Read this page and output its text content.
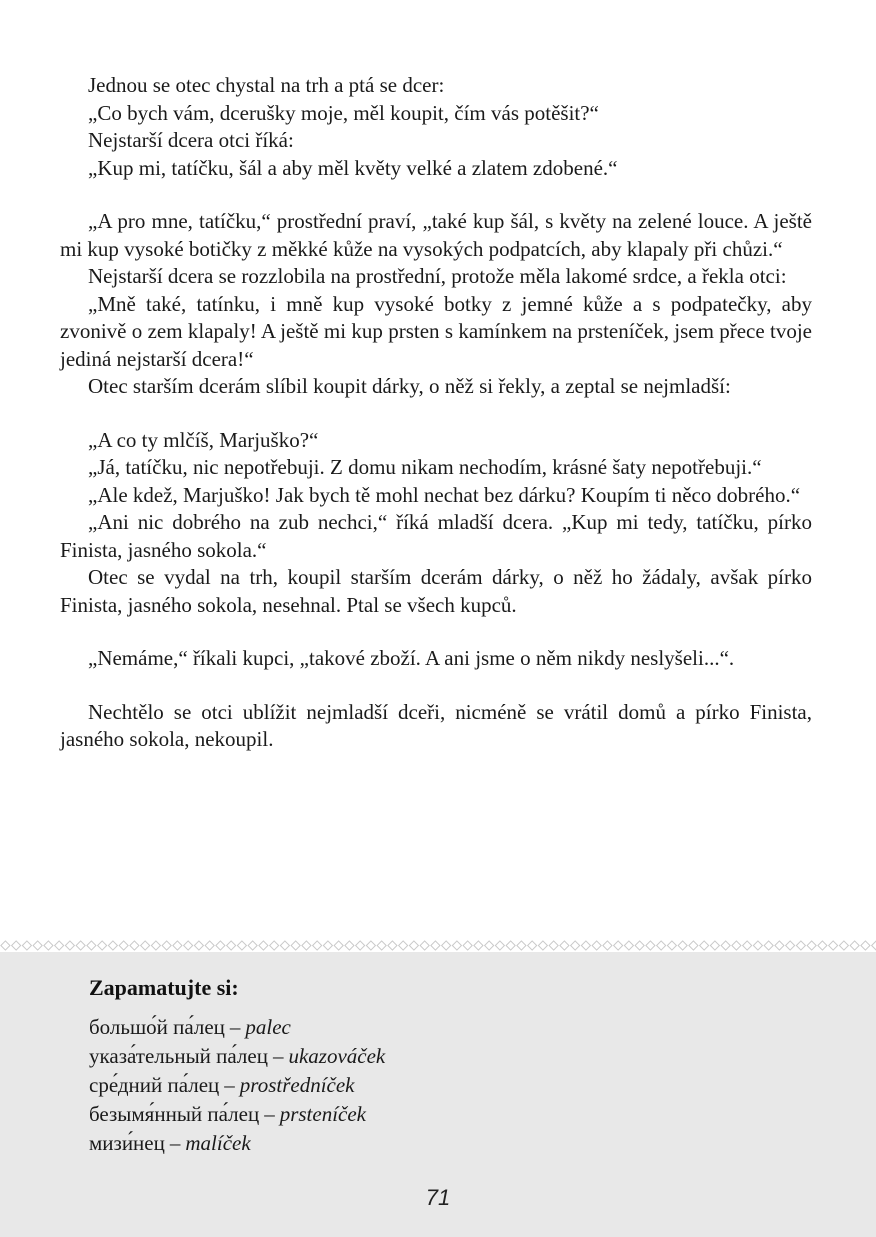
Jednou se otec chystal na trh a ptá se dcer:

„Co bych vám, dcerušky moje, měl koupit, čím vás potěšit?“

Nejstarší dcera otci říká:

„Kup mi, tatíčku, šál a aby měl květy velké a zlatem zdobené.“

„A pro mne, tatíčku,“ prostřední praví, „také kup šál, s květy na zelené louce. A ještě mi kup vysoké botičky z měkké kůže na vysokých podpatcích, aby klapaly při chůzi.“

Nejstarší dcera se rozzlobila na prostřední, protože měla lakomé srdce, a řekla otci:

„Mně také, tatínku, i mně kup vysoké botky z jemné kůže a s podpatečky, aby zvonivě o zem klapaly! A ještě mi kup prsten s kamínkem na prsteníček, jsem přece tvoje jediná nejstarší dcera!“

Otec starším dcerám slíbil koupit dárky, o něž si řekly, a zeptal se nejmladší:

„A co ty mlčíš, Marjuško?“

„Já, tatíčku, nic nepotřebuji. Z domu nikam nechodím, krásné šaty nepotřebuji.“

„Ale kdež, Marjuško! Jak bych tě mohl nechat bez dárku? Koupím ti něco dobrého.“

„Ani nic dobrého na zub nechci,“ říká mladší dcera. „Kup mi tedy, tatíčku, pírko Finista, jasného sokola.“

Otec se vydal na trh, koupil starším dcerám dárky, o něž ho žádaly, avšak pírko Finista, jasného sokola, nesehnal. Ptal se všech kupců.

„Nemáme,“ říkali kupci, „takové zboží. A ani jsme o něm nikdy neslyšeli...“.

Nechtělo se otci ublížit nejmladší dceři, nicméně se vrátil domů a pírko Finista, jasného sokola, nekoupil.

Zapamatujte si:
большо́й па́лец – palec
указа́тельный па́лец – ukazováček
сре́дний па́лец – prostředníček
безымя́нный па́лец – prsteníček
мизи́нец – malíček
71
